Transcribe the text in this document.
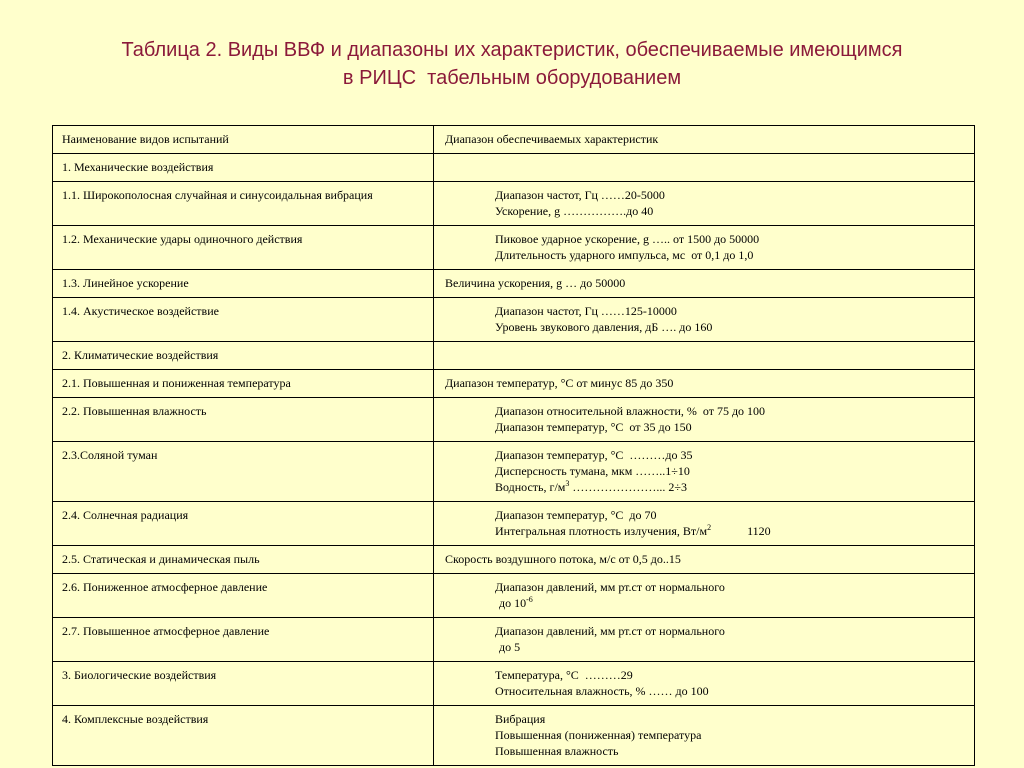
Таблица 2. Виды ВВФ и диапазоны их характеристик, обеспечиваемые имеющимся
в РИЦС  табельным оборудованием
Наименование видов испытаний	Диапазон обеспечиваемых характеристик
1. Механические воздействия	
1.1. Широкополосная случайная и синусоидальная вибрация	Диапазон частот, Гц ……20-5000
Ускорение, g …………….до 40

1.2. Механические удары одиночного действия	Пиковое ударное ускорение, g ….. от 1500 до 50000
Длительность ударного импульса, мс  от 0,1 до 1,0

1.3. Линейное ускорение	Величина ускорения, g … до 50000
1.4. Акустическое воздействие	Диапазон частот, Гц ……125-10000
Уровень звукового давления, дБ …. до 160

2. Климатические воздействия	
2.1. Повышенная и пониженная температура	Диапазон температур, °С от минус 85 до 350
2.2. Повышенная влажность	Диапазон относительной влажности, %  от 75 до 100
Диапазон температур, °С  от 35 до 150

2.3.Соляной туман	Диапазон температур, °С  ………до 35
Дисперсность тумана, мкм ……..1÷10
Водность, $г/м^3$ …………………... 2÷3

2.4. Солнечная радиация	Диапазон температур, °С  до 70
Интегральная плотность излучения, $Вт/м^2$            1120

2.5. Статическая и динамическая пыль	Скорость воздушного потока, м/с от 0,5 до..15
2.6. Пониженное атмосферное давление	Диапазон давлений, мм рт.ст от нормального
до $10^{-6}$

2.7. Повышенное атмосферное давление	Диапазон давлений, мм рт.ст от нормального
до 5

3. Биологические воздействия	Температура, °С  ………29
Относительная влажность, % …… до 100

4. Комплексные воздействия	Вибрация
Повышенная (пониженная) температура
Повышенная влажность
